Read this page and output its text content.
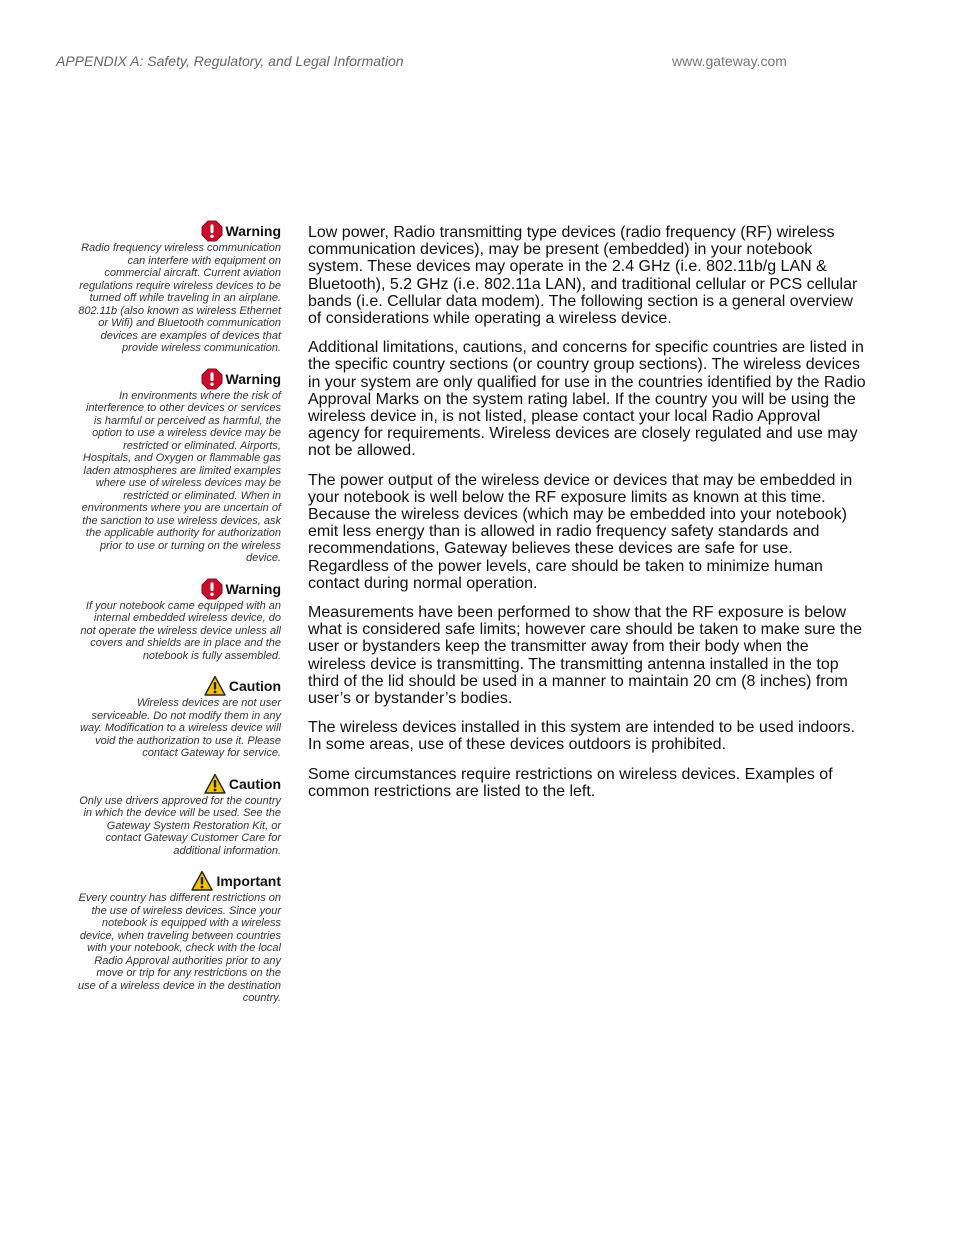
APPENDIX A: Safety, Regulatory, and Legal Information	www.gateway.com
Warning
Radio frequency wireless communication can interfere with equipment on commercial aircraft. Current aviation regulations require wireless devices to be turned off while traveling in an airplane. 802.11b (also known as wireless Ethernet or Wifi) and Bluetooth communication devices are examples of devices that provide wireless communication.
Warning
In environments where the risk of interference to other devices or services is harmful or perceived as harmful, the option to use a wireless device may be restricted or eliminated. Airports, Hospitals, and Oxygen or flammable gas laden atmospheres are limited examples where use of wireless devices may be restricted or eliminated. When in environments where you are uncertain of the sanction to use wireless devices, ask the applicable authority for authorization prior to use or turning on the wireless device.
Warning
If your notebook came equipped with an internal embedded wireless device, do not operate the wireless device unless all covers and shields are in place and the notebook is fully assembled.
Caution
Wireless devices are not user serviceable. Do not modify them in any way. Modification to a wireless device will void the authorization to use it. Please contact Gateway for service.
Caution
Only use drivers approved for the country in which the device will be used. See the Gateway System Restoration Kit, or contact Gateway Customer Care for additional information.
Important
Every country has different restrictions on the use of wireless devices. Since your notebook is equipped with a wireless device, when traveling between countries with your notebook, check with the local Radio Approval authorities prior to any move or trip for any restrictions on the use of a wireless device in the destination country.

Low power, Radio transmitting type devices (radio frequency (RF) wireless communication devices), may be present (embedded) in your notebook system. These devices may operate in the 2.4 GHz (i.e. 802.11b/g LAN & Bluetooth), 5.2 GHz (i.e. 802.11a LAN), and traditional cellular or PCS cellular bands (i.e. Cellular data modem). The following section is a general overview of considerations while operating a wireless device.

Additional limitations, cautions, and concerns for specific countries are listed in the specific country sections (or country group sections). The wireless devices in your system are only qualified for use in the countries identified by the Radio Approval Marks on the system rating label. If the country you will be using the wireless device in, is not listed, please contact your local Radio Approval agency for requirements. Wireless devices are closely regulated and use may not be allowed.

The power output of the wireless device or devices that may be embedded in your notebook is well below the RF exposure limits as known at this time. Because the wireless devices (which may be embedded into your notebook) emit less energy than is allowed in radio frequency safety standards and recommendations, Gateway believes these devices are safe for use. Regardless of the power levels, care should be taken to minimize human contact during normal operation.

Measurements have been performed to show that the RF exposure is below what is considered safe limits; however care should be taken to make sure the user or bystanders keep the transmitter away from their body when the wireless device is transmitting. The transmitting antenna installed in the top third of the lid should be used in a manner to maintain 20 cm (8 inches) from user’s or bystander’s bodies.

The wireless devices installed in this system are intended to be used indoors. In some areas, use of these devices outdoors is prohibited.

Some circumstances require restrictions on wireless devices. Examples of common restrictions are listed to the left.
